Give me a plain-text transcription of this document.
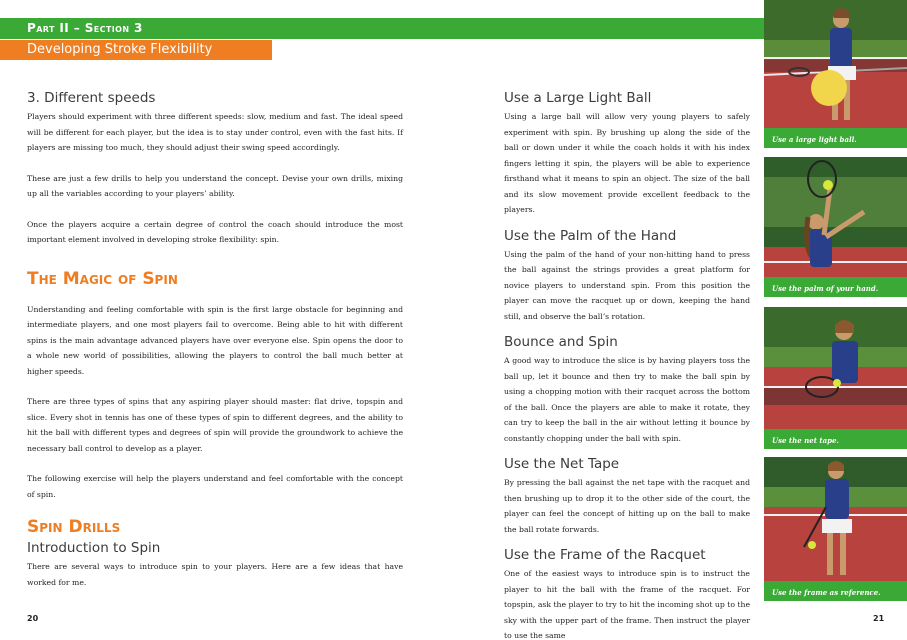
Part II – Section 3
Developing Stroke Flexibility
3. Different speeds

Players should experiment with three different speeds: slow, medium and fast. The ideal speed will be different for each player, but the idea is to stay under control, even with the fast hits. If players are missing too much, they should adjust their swing speed accordingly.

These are just a few drills to help you understand the concept. Devise your own drills, mixing up all the variables according to your players’ ability.

Once the players acquire a certain degree of control the coach should introduce the most important element involved in developing stroke flexibility: spin.

The Magic of Spin

Understanding and feeling comfortable with spin is the first large obstacle for beginning and intermediate players, and one most players fail to overcome. Being able to hit with different spins is the main advantage advanced players have over everyone else. Spin opens the door to a whole new world of possibilities, allowing the players to control the ball much better at higher speeds.

There are three types of spins that any aspiring player should master: flat drive, topspin and slice. Every shot in tennis has one of these types of spin to different degrees, and the ability to hit the ball with different types and degrees of spin will provide the groundwork to achieve the necessary ball control to develop as a player.

The following exercise will help the players understand and feel comfortable with the concept of spin.

Spin Drills
Introduction to Spin

There are several ways to introduce spin to your players. Here are a few ideas that have worked for me.

20
Use a Large Light Ball

Using a large ball will allow very young players to safely experiment with spin. By brushing up along the side of the ball or down under it while the coach holds it with his index fingers letting it spin, the players will be able to experience firsthand what it means to spin an object. The size of the ball and its slow movement provide excellent feedback to the players.

Use the Palm of the Hand

Using the palm of the hand of your non-hitting hand to press the ball against the strings provides a great platform for novice players to understand spin. From this position the player can move the racquet up or down, keeping the hand still, and observe the ball’s rotation.

Bounce and Spin

A good way to introduce the slice is by having players toss the ball up, let it bounce and then try to make the ball spin by using a chopping motion with their racquet across the bottom of the ball. Once the players are able to make it rotate, they can try to keep the ball in the air without letting it bounce by constantly chopping under the ball with spin.

Use the Net Tape

By pressing the ball against the net tape with the racquet and then brushing up to drop it to the other side of the court, the player can feel the concept of hitting up on the ball to make the ball rotate forwards.

Use the Frame of the Racquet

One of the easiest ways to introduce spin is to instruct the player to hit the ball with the frame of the racquet. For topspin, ask the player to try to hit the incoming shot up to the sky with the upper part of the frame. Then instruct the player to use the same

21
Use a large light ball.
Use the palm of your hand.
Use the net tape.
Use the frame as reference.
